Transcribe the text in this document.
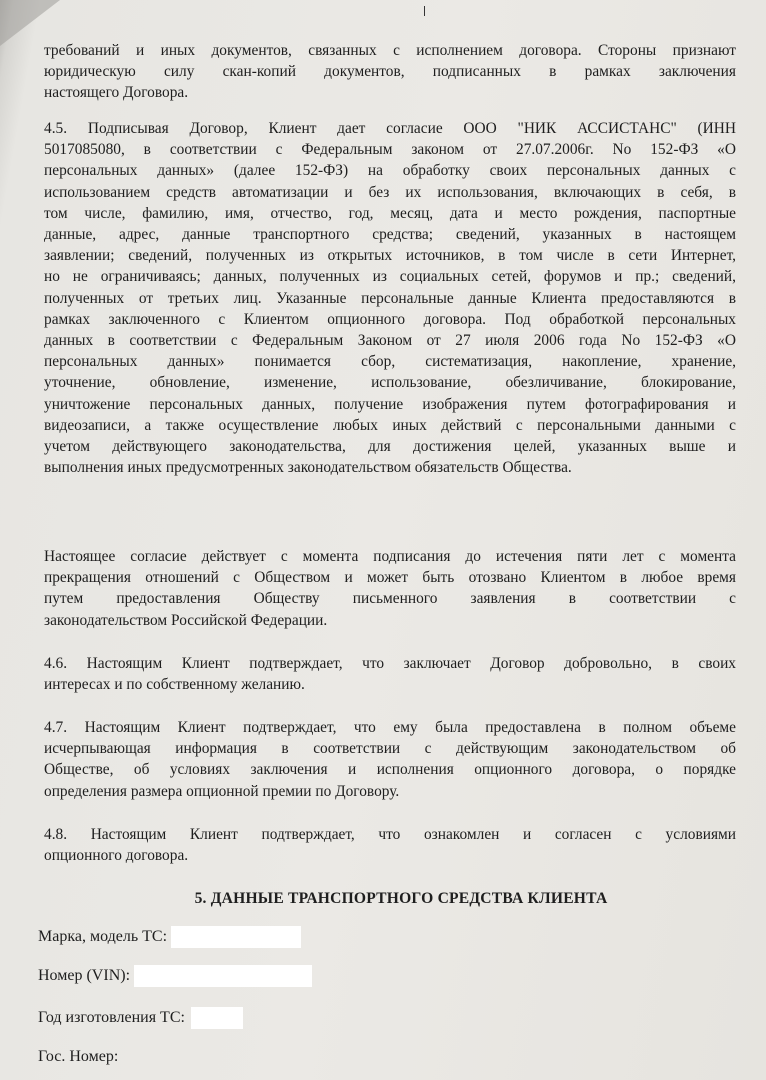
требований и иных документов, связанных с исполнением договора. Стороны признают

юридическую силу скан-копий документов, подписанных в рамках заключения

настоящего Договора.

4.5. Подписывая Договор, Клиент дает согласие ООО "НИК АССИСТАНС" (ИНН

5017085080, в соответствии с Федеральным законом от 27.07.2006г. No 152-ФЗ «О

персональных данных» (далее 152-ФЗ) на обработку своих персональных данных с

использованием средств автоматизации и без их использования, включающих в себя, в

том числе, фамилию, имя, отчество, год, месяц, дата и место рождения, паспортные

данные, адрес, данные транспортного средства; сведений, указанных в настоящем

заявлении; сведений, полученных из открытых источников, в том числе в сети Интернет,

но не ограничиваясь; данных, полученных из социальных сетей, форумов и пр.; сведений,

полученных от третьих лиц. Указанные персональные данные Клиента предоставляются в

рамках заключенного с Клиентом опционного договора. Под обработкой персональных

данных в соответствии с Федеральным Законом от 27 июля 2006 года No 152-ФЗ «О

персональных данных» понимается сбор, систематизация, накопление, хранение,

уточнение, обновление, изменение, использование, обезличивание, блокирование,

уничтожение персональных данных, получение изображения путем фотографирования и

видеозаписи, а также осуществление любых иных действий с персональными данными с

учетом действующего законодательства, для достижения целей, указанных выше и

выполнения иных предусмотренных законодательством обязательств Общества.

Настоящее согласие действует с момента подписания до истечения пяти лет с момента

прекращения отношений с Обществом и может быть отозвано Клиентом в любое время

путем предоставления Обществу письменного заявления в соответствии с

законодательством Российской Федерации.

4.6. Настоящим Клиент подтверждает, что заключает Договор добровольно, в своих

интересах и по собственному желанию.

4.7. Настоящим Клиент подтверждает, что ему была предоставлена в полном объеме

исчерпывающая информация в соответствии с действующим законодательством об

Обществе, об условиях заключения и исполнения опционного договора, о порядке

определения размера опционной премии по Договору.

4.8. Настоящим Клиент подтверждает, что ознакомлен и согласен с условиями

опционного договора.

5. ДАННЫЕ ТРАНСПОРТНОГО СРЕДСТВА КЛИЕНТА
Марка, модель ТС:
Номер (VIN):
Год изготовления ТС:
Гос. Номер:
